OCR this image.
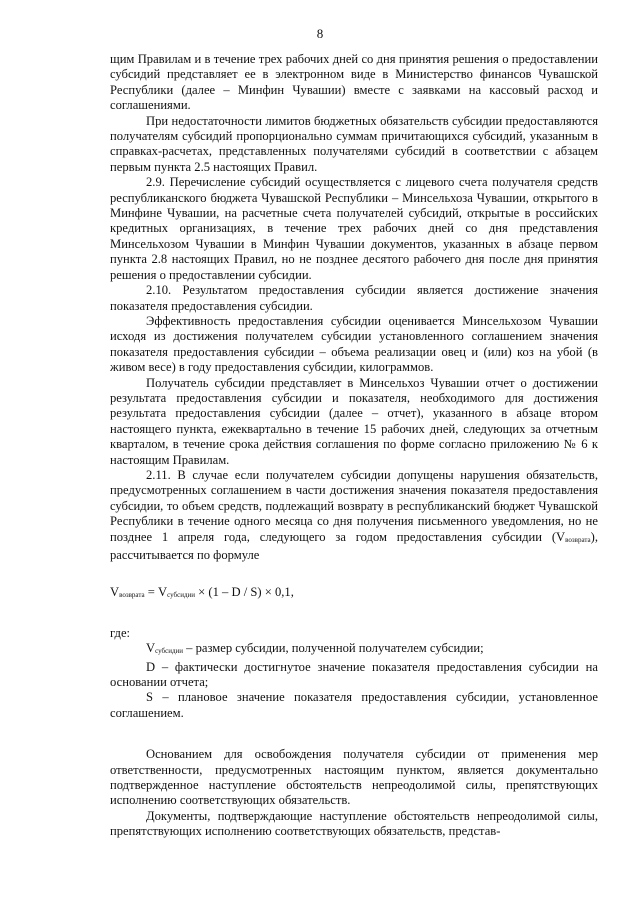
8

щим Правилам и в течение трех рабочих дней со дня принятия решения о предоставлении субсидий представляет ее в электронном виде в Министерство финансов Чувашской Республики (далее – Минфин Чувашии) вместе с заявками на кассовый расход и соглашениями.

При недостаточности лимитов бюджетных обязательств субсидии предоставляются получателям субсидий пропорционально суммам причитающихся субсидий, указанным в справках-расчетах, представленных получателями субсидий в соответствии с абзацем первым пункта 2.5 настоящих Правил.

2.9. Перечисление субсидий осуществляется с лицевого счета получателя средств республиканского бюджета Чувашской Республики – Минсельхоза Чувашии, открытого в Минфине Чувашии, на расчетные счета получателей субсидий, открытые в российских кредитных организациях, в течение трех рабочих дней со дня представления Минсельхозом Чувашии в Минфин Чувашии документов, указанных в абзаце первом пункта 2.8 настоящих Правил, но не позднее десятого рабочего дня после дня принятия решения о предоставлении субсидии.

2.10. Результатом предоставления субсидии является достижение значения показателя предоставления субсидии.

Эффективность предоставления субсидии оценивается Минсельхозом Чувашии исходя из достижения получателем субсидии установленного соглашением значения показателя предоставления субсидии – объема реализации овец и (или) коз на убой (в живом весе) в году предоставления субсидии, килограммов.

Получатель субсидии представляет в Минсельхоз Чувашии отчет о достижении результата предоставления субсидии и показателя, необходимого для достижения результата предоставления субсидии (далее – отчет), указанного в абзаце втором настоящего пункта, ежеквартально в течение 15 рабочих дней, следующих за отчетным кварталом, в течение срока действия соглашения по форме согласно приложению № 6 к настоящим Правилам.

2.11. В случае если получателем субсидии допущены нарушения обязательств, предусмотренных соглашением в части достижения значения показателя предоставления субсидии, то объем средств, подлежащий возврату в республиканский бюджет Чувашской Республики в течение одного месяца со дня получения письменного уведомления, но не позднее 1 апреля года, следующего за годом предоставления субсидии $(V_{возврата})$, рассчитывается по формуле

$V_{возврата} = V_{субсидии} \times (1 - D / S) \times 0,1$,

где:

$V_{субсидии}$ – размер субсидии, полученной получателем субсидии;

D – фактически достигнутое значение показателя предоставления субсидии на основании отчета;

S – плановое значение показателя предоставления субсидии, установленное соглашением.

Основанием для освобождения получателя субсидии от применения мер ответственности, предусмотренных настоящим пунктом, является документально подтвержденное наступление обстоятельств непреодолимой силы, препятствующих исполнению соответствующих обязательств.

Документы, подтверждающие наступление обстоятельств непреодолимой силы, препятствующих исполнению соответствующих обязательств, представ-
